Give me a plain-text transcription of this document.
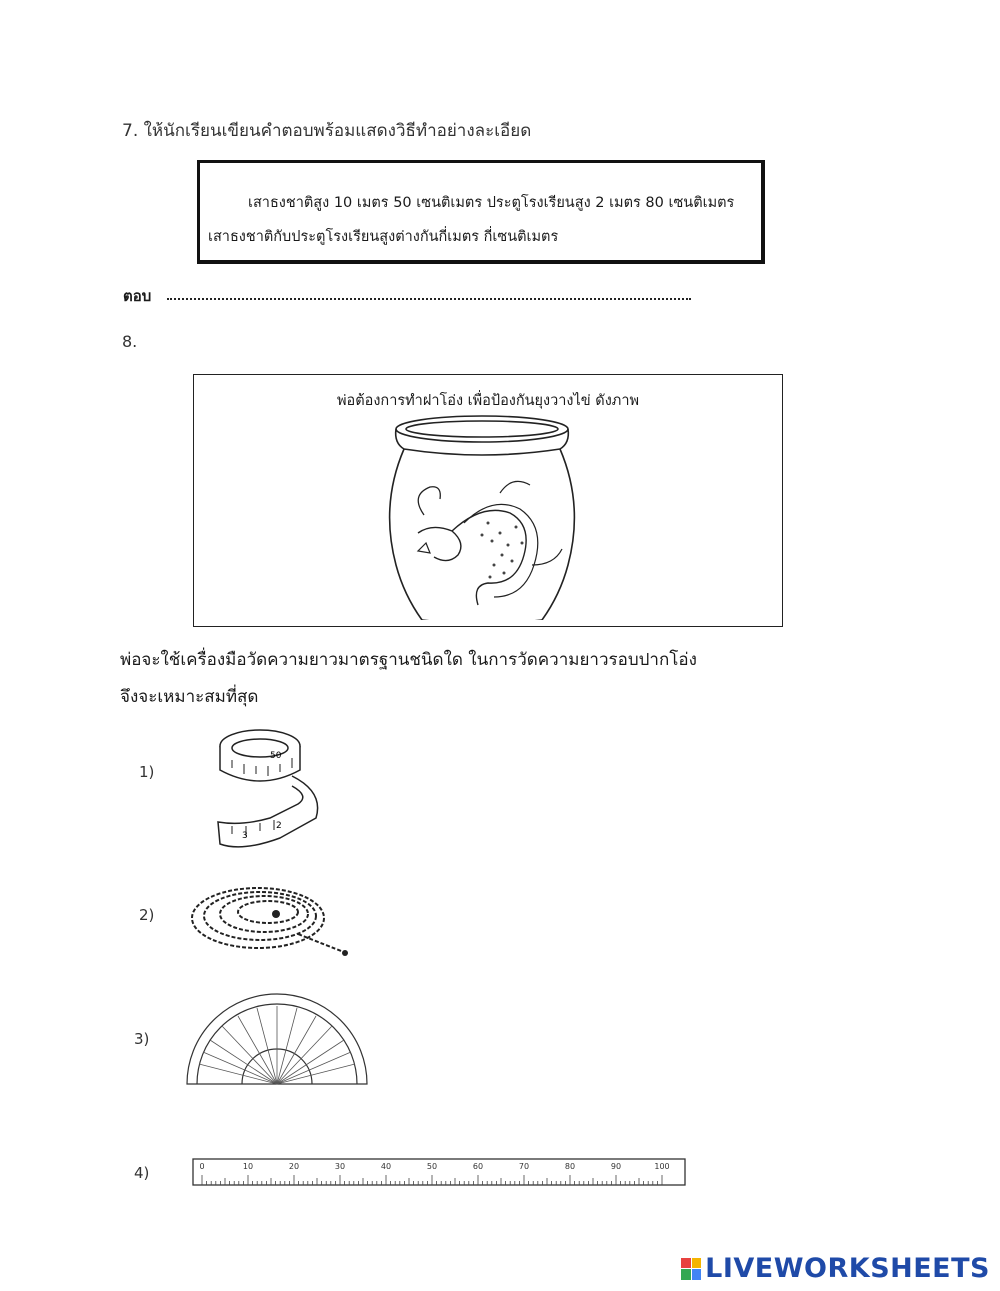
7. ให้นักเรียนเขียนคำตอบพร้อมแสดงวิธีทำอย่างละเอียด
เสาธงชาติสูง 10 เมตร 50 เซนติเมตร ประตูโรงเรียนสูง 2 เมตร 80 เซนติเมตร
เสาธงชาติกับประตูโรงเรียนสูงต่างกันกี่เมตร กี่เซนติเมตร
ตอบ
8.
พ่อต้องการทำฝาโอ่ง เพื่อป้องกันยุงวางไข่ ดังภาพ
พ่อจะใช้เครื่องมือวัดความยาวมาตรฐานชนิดใด ในการวัดความยาวรอบปากโอ่ง
จึงจะเหมาะสมที่สุด
1)
50
2
3
2)
3)
4)	0	10	20	30	40	50	60	70	80	90	100
LIVEWORKSHEETS
